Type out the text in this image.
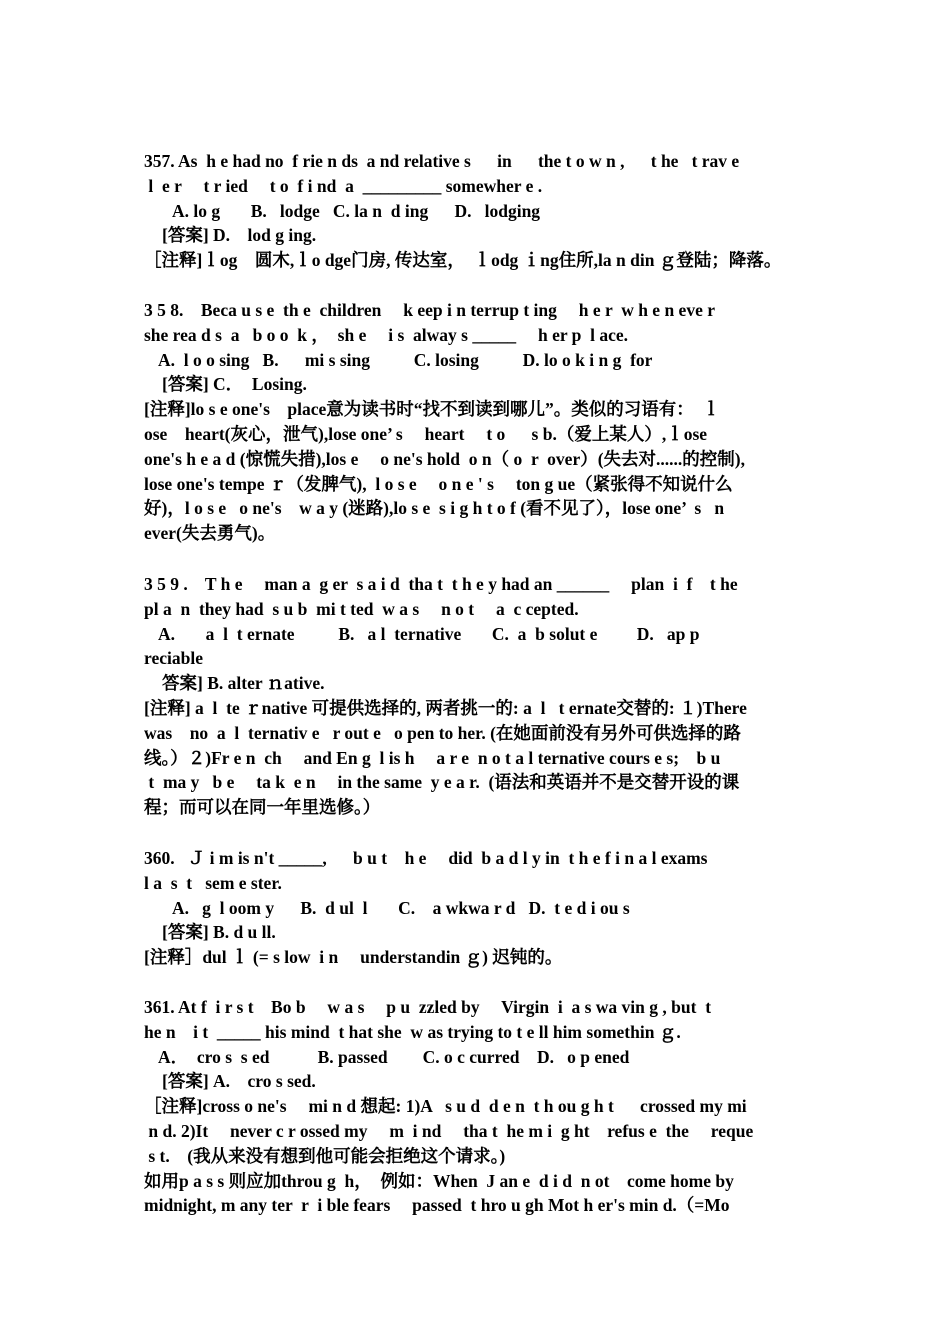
357. As  h e had no  f rie n ds  a nd relative s      in      the t o w n ,      t he   t rav e
l  e r     t r ied     t o  f i nd  a  _________ somewher e .
A. lo g       B.   lodge   C. la n  d ing      D.   lodging
[答案] D.    lod g ing.
［注释]ｌog    圆木,ｌo dge门房, 传达室，  ｌodg ｉng住所,la n din ｇ登陆；降落。
3 5 8.    Beca u s e  th e  children     k eep i n terrup t ing     h e r  w h e n eve r
she rea d s  a   b o o  k ，  sh e     i s  alway s _____     h er p  l ace.
A.  l o o sing   B.      mi s sing          C. losing          D. lo o k i n g  for
[答案] C．  Losing.
[注释]lo s e one's    place意为读书时“找不到读到哪儿”。类似的习语有：  ｌ
ose    heart(灰心，泄气),lose one’ s     heart     t o      s b.（爱上某人）,ｌose
one's h e a d (惊慌失措),los e     o ne's hold  o n（ o  r  over）(失去对......的控制),
lose one's tempe ｒ（发脾气),  l o s e     o n e ' s     ton g ue（紧张得不知说什么
好)，l o s e   o ne's    w a y (迷路),lo s e  s i g h t o f (看不见了），lose one’  s   n
ever(失去勇气)。
3 5 9 .    T h e     man a  g er  s a i d  tha t  t h e y had an ______     plan  i  f    t he
pl a  n  they had  s u b  mi t ted  w a s     n o t     a  c cepted.
A.       a  l  t ernate          B.   a l  ternative       C.  a  b solut e         D.   ap p
reciable
答案] B. alter ｎative.
[注释] a  l  te ｒnative 可提供选择的, 两者挑一的: a  l   t ernate交替的: １)There
was    no  a  l  ternativ e   r out e   o pen to her. (在她面前没有另外可供选择的路
线。）２)Fr e n  ch     and En g  l is h     a r e  n o t a l ternative cours e s;    b u
t  ma y   b e     ta k  e n     in the same  y e a r.  (语法和英语并不是交替开设的课
程；而可以在同一年里选修。）
360.   Ｊ i m is n't _____,      b u t    h e     did  b a d l y in  t h e f i n a l exams
l a  s  t   sem e ster.
A.   g  l oom y      B.  d ul  l       C.    a wkwa r d   D.  t e d i ou s
[答案] B. d u ll.
[注释］dul ｌ (= s low  i n     understandin ｇ) 迟钝的。
361. At f  i r s t    Bo b     w a s     p u  zzled by     Virgin  i  a s wa vin g , but  t
he n    i t  _____ his mind  t hat she  w as trying to t e ll him somethin ｇ.
A．  cro s  s ed           B. passed        C. o c curred    D.   o p ened
[答案] A.    cro s sed.
［注释]cross o ne's     mi n d 想起: 1)A   s u d  d e n  t h ou g h t      crossed my mi
n d. 2)It     never c r ossed my     m  i nd     tha t  he m i  g ht    refus e  the     reque
s t.    (我从来没有想到他可能会拒绝这个请求。)
如用p a s s 则应加throu g  h，  例如：When  J an e  d i d  n ot    come home by
midnight, m any ter  r  i ble fears     passed  t hro u gh Mot h er's min d.（=Mo
